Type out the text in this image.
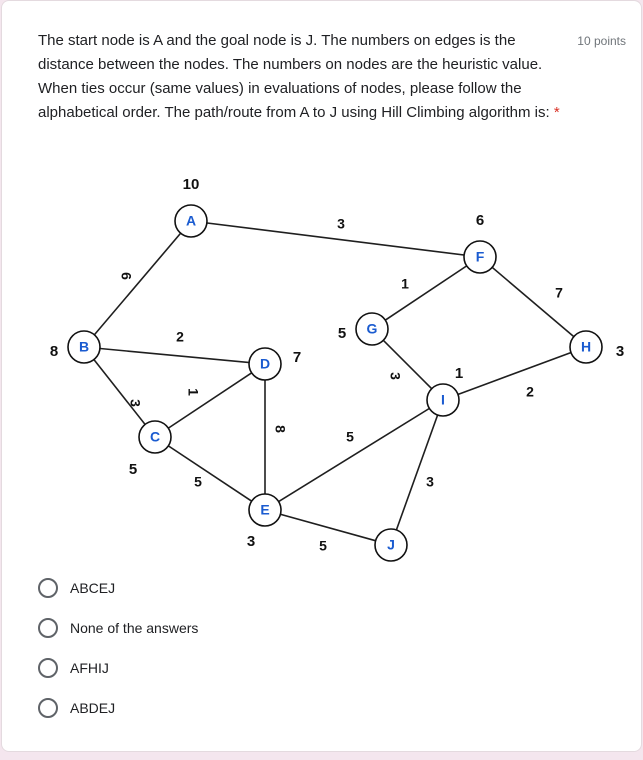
The start node is A and the goal node is J. The numbers on edges is the distance between the nodes. The numbers on nodes are the heuristic value. When ties occur (same values) in evaluations of nodes, please follow the alphabetical order. The path/route from A to J using Hill Climbing algorithm is: *
10 points
3
6
2
3
1
5
8	5
5
1
3
7
2
3
A
10
B
8
C
5
D 7
E
3
F
6
G
5
H 3
I
1
J
ABCEJ
None of the answers
AFHIJ
ABDEJ
